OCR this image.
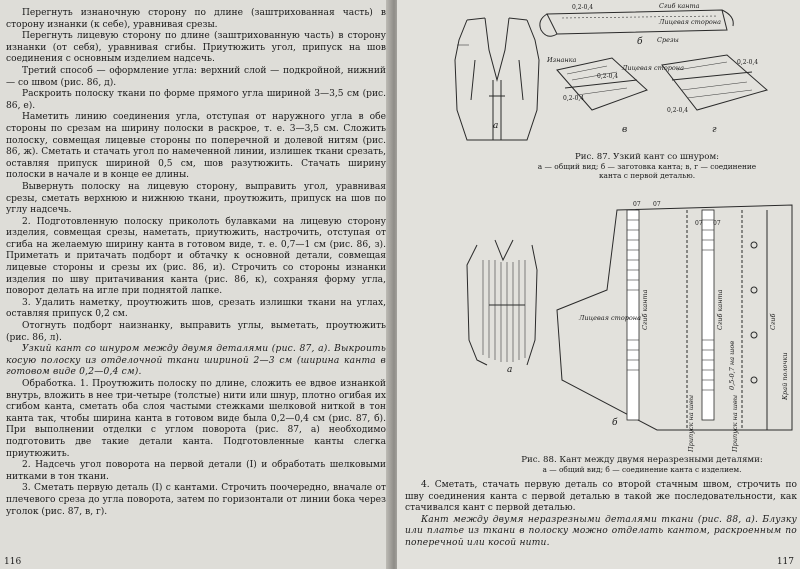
Перегнуть изнаночную сторону по длине (заштрихованная часть) в сторону изнанки (к себе), уравнивая срезы.

Перегнуть лицевую сторону по длине (заштрихованную часть) в сторону изнанки (от себя), уравнивая сгибы. Приутюжить угол, припуск на шов соединения с основным изделием надсечь.

Третий способ — оформление угла: верхний слой — подкройной, нижний — со швом (рис. 86, д).

Раскроить полоску ткани по форме прямого угла шириной 3—3,5 см (рис. 86, е).

Наметить линию соединения угла, отступая от наружного угла в обе стороны по срезам на ширину полоски в раскрое, т. е. 3—3,5 см. Сложить полоску, совмещая лицевые стороны по поперечной и долевой нитям (рис. 86, ж). Сметать и стачать угол по намеченной линии, излишек ткани срезать, оставляя припуск шириной 0,5 см, шов разутюжить. Стачать ширину полоски в начале и в конце ее длины.

Вывернуть полоску на лицевую сторону, выправить угол, уравнивая срезы, сметать верхнюю и нижнюю ткани, проутюжить, припуск на шов по углу надсечь.

2. Подготовленную полоску приколоть булавками на лицевую сторону изделия, совмещая срезы, наметать, приутюжить, настрочить, отступая от сгиба на желаемую ширину канта в готовом виде, т. е. 0,7—1 см (рис. 86, з). Приметать и притачать подборт и обтачку к основной детали, совмещая лицевые стороны и срезы их (рис. 86, и). Строчить со стороны изнанки изделия по шву притачивания канта (рис. 86, к), сохраняя форму угла, поворот делать на игле при поднятой лапке.

3. Удалить наметку, проутюжить шов, срезать излишки ткани на углах, оставляя припуск 0,2 см.

Отогнуть подборт наизнанку, выправить углы, выметать, проутюжить (рис. 86, л).

Узкий кант со шнуром между двумя деталями (рис. 87, а). Выкроить косую полоску из отделочной ткани шириной 2—3 см (ширина канта в готовом виде 0,2—0,4 см).

Обработка. 1. Проутюжить полоску по длине, сложить ее вдвое изнанкой внутрь, вложить в нее три-четыре (толстые) нити или шнур, плотно огибая их сгибом канта, сметать оба слоя частыми стежками шелковой ниткой в тон канта так, чтобы ширина канта в готовом виде была 0,2—0,4 см (рис. 87, б). При выполнении отделки с углом поворота (рис. 87, а) необходимо подготовить две такие детали канта. Подготовленные канты слегка приутюжить.

2. Надсечь угол поворота на первой детали (I) и обработать шелковыми нитками в тон ткани.

3. Сметать первую деталь (I) с кантами. Строчить поочередно, вначале от плечевого среза до угла поворота, затем по горизонтали от линии бока через уголок (рис. 87, в, г).

116
а
0,2-0,4	Сгиб канта
Лицевая сторона
Срезы
б
Изнанка
Лицевая сторона
0,2-0,4
0,2-0,4
в
0,2-0,4
0,2-0,4
г
Рис. 87. Узкий кант со шнуром:
а — общий вид; б — заготовка канта; в, г — соединение канта с первой деталью.
а
Лицевая сторона
07 07
07 07
Сгиб канта	Сгиб канта
0,5-0,7 на шов
Припуск на швы	Припуск на швы
Сгиб
Край полочки
б
Рис. 88. Кант между двумя неразрезными деталями:
а — общий вид; б — соединение канта с изделием.

4. Сметать, стачать первую деталь со второй стачным швом, строчить по шву соединения канта с первой деталью в такой же последовательности, как стачивался кант с первой деталью.

Кант между двумя неразрезными деталями ткани (рис. 88, а). Блузку или платье из ткани в полоску можно отделать кантом, раскроенным по поперечной или косой нити.

117
